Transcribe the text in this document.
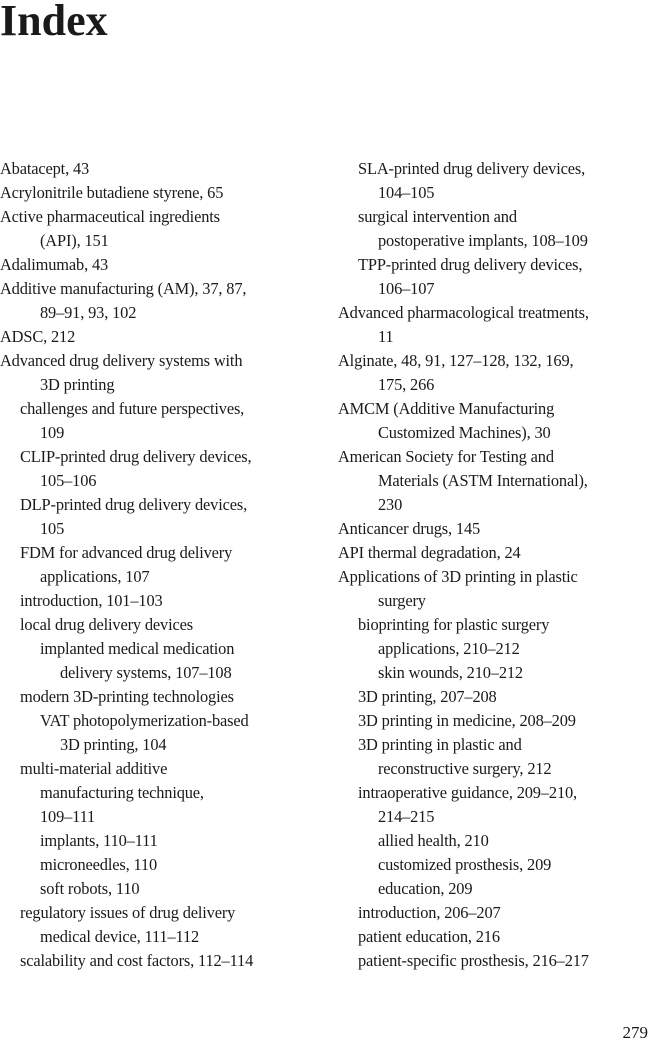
Index
Abatacept, 43
Acrylonitrile butadiene styrene, 65
Active pharmaceutical ingredients
(API), 151
Adalimumab, 43
Additive manufacturing (AM), 37, 87,
89–91, 93, 102
ADSC, 212
Advanced drug delivery systems with
3D printing
challenges and future perspectives,
109
CLIP-printed drug delivery devices,
105–106
DLP-printed drug delivery devices,
105
FDM for advanced drug delivery
applications, 107
introduction, 101–103
local drug delivery devices
implanted medical medication
delivery systems, 107–108
modern 3D-printing technologies
VAT photopolymerization-based
3D printing, 104
multi-material additive
manufacturing technique,
109–111
implants, 110–111
microneedles, 110
soft robots, 110
regulatory issues of drug delivery
medical device, 111–112
scalability and cost factors, 112–114
SLA-printed drug delivery devices,
104–105
surgical intervention and
postoperative implants, 108–109
TPP-printed drug delivery devices,
106–107
Advanced pharmacological treatments,
11
Alginate, 48, 91, 127–128, 132, 169,
175, 266
AMCM (Additive Manufacturing
Customized Machines), 30
American Society for Testing and
Materials (ASTM International),
230
Anticancer drugs, 145
API thermal degradation, 24
Applications of 3D printing in plastic
surgery
bioprinting for plastic surgery
applications, 210–212
skin wounds, 210–212
3D printing, 207–208
3D printing in medicine, 208–209
3D printing in plastic and
reconstructive surgery, 212
intraoperative guidance, 209–210,
214–215
allied health, 210
customized prosthesis, 209
education, 209
introduction, 206–207
patient education, 216
patient-specific prosthesis, 216–217
279
